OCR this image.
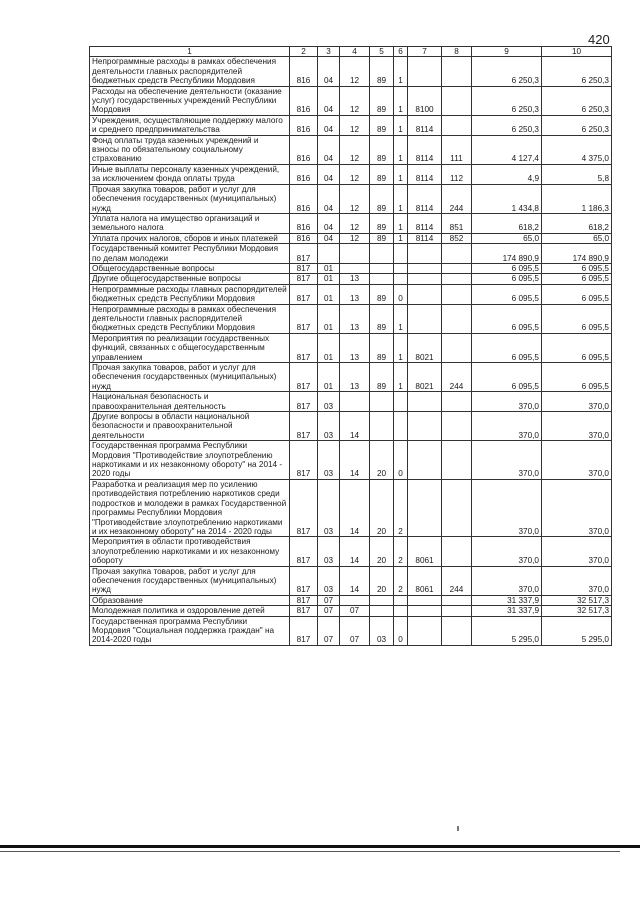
420
1	2	3	4	5	6	7	8	9	10
Непрограммные расходы в рамках обеспечения деятельности главных распорядителей бюджетных средств Республики Мордовия	816	04	12	89	1			6 250,3	6 250,3
Расходы на обеспечение деятельности (оказание услуг) государственных учреждений Республики Мордовия	816	04	12	89	1	8100		6 250,3	6 250,3
Учреждения, осуществляющие поддержку малого и среднего предпринимательства	816	04	12	89	1	8114		6 250,3	6 250,3
Фонд оплаты труда казенных учреждений и взносы по обязательному социальному страхованию	816	04	12	89	1	8114	111	4 127,4	4 375,0
Иные выплаты персоналу казенных учреждений, за исключением фонда оплаты труда	816	04	12	89	1	8114	112	4,9	5,8
Прочая закупка товаров, работ и услуг для обеспечения государственных (муниципальных) нужд	816	04	12	89	1	8114	244	1 434,8	1 186,3
Уплата налога на имущество организаций и земельного налога	816	04	12	89	1	8114	851	618,2	618,2
Уплата прочих налогов, сборов и иных платежей	816	04	12	89	1	8114	852	65,0	65,0
Государственный комитет Республики Мордовия по делам молодежи	817							174 890,9	174 890,9
Общегосударственные вопросы	817	01						6 095,5	6 095,5
Другие общегосударственные вопросы	817	01	13					6 095,5	6 095,5
Непрограммные расходы главных распорядителей бюджетных средств Республики Мордовия	817	01	13	89	0			6 095,5	6 095,5
Непрограммные расходы в рамках обеспечения деятельности главных распорядителей бюджетных средств Республики Мордовия	817	01	13	89	1			6 095,5	6 095,5
Мероприятия по реализации государственных функций, связанных с общегосударственным управлением	817	01	13	89	1	8021		6 095,5	6 095,5
Прочая закупка товаров, работ и услуг для обеспечения государственных (муниципальных) нужд	817	01	13	89	1	8021	244	6 095,5	6 095,5
Национальная безопасность и правоохранительная деятельность	817	03						370,0	370,0
Другие вопросы в области национальной безопасности и правоохранительной деятельности	817	03	14					370,0	370,0
Государственная программа Республики Мордовия "Противодействие злоупотреблению наркотиками и их незаконному обороту" на 2014 - 2020 годы	817	03	14	20	0			370,0	370,0
Разработка и реализация мер по усилению противодействия потреблению наркотиков среди подростков и молодежи в рамках Государственной программы Республики Мордовия "Противодействие злоупотреблению наркотиками и их незаконному обороту" на 2014 - 2020 годы	817	03	14	20	2			370,0	370,0
Мероприятия в области противодействия злоупотреблению наркотиками и их незаконному обороту	817	03	14	20	2	8061		370,0	370,0
Прочая закупка товаров, работ и услуг для обеспечения государственных (муниципальных) нужд	817	03	14	20	2	8061	244	370,0	370,0
Образование	817	07						31 337,9	32 517,3
Молодежная политика и оздоровление детей	817	07	07					31 337,9	32 517,3
Государственная программа Республики Мордовия "Социальная поддержка граждан" на 2014-2020 годы	817	07	07	03	0			5 295,0	5 295,0
